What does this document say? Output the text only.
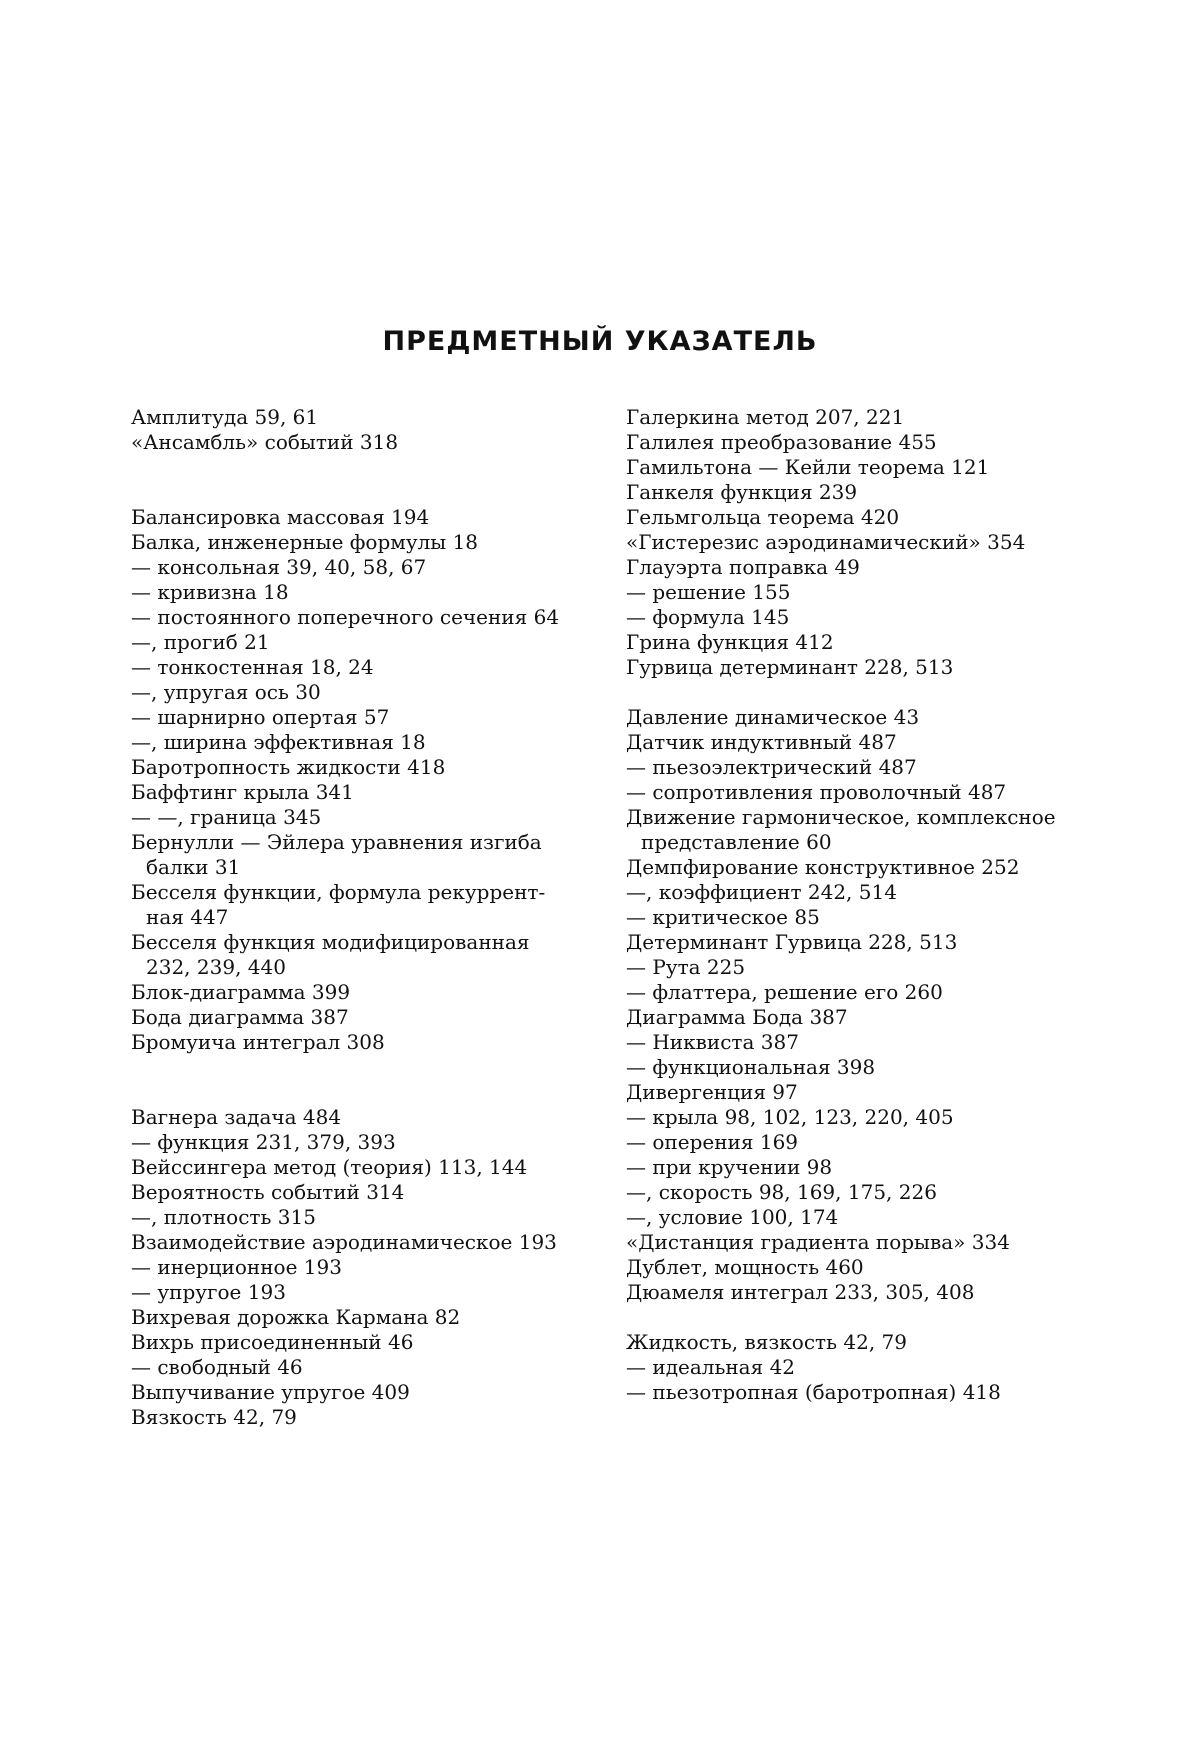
ПРЕДМЕТНЫЙ УКАЗАТЕЛЬ
Амплитуда 59, 61
«Ансамбль» событий 318
Балансировка массовая 194
Балка, инженерные формулы 18
— консольная 39, 40, 58, 67
— кривизна 18
— постоянного поперечного сечения 64
—, прогиб 21
— тонкостенная 18, 24
—, упругая ось 30
— шарнирно опертая 57
—, ширина эффективная 18
Баротропность жидкости 418
Баффтинг крыла 341
— —, граница 345
Бернулли — Эйлера уравнения изгиба
балки 31
Бесселя функции, формула рекуррент-
ная 447
Бесселя функция модифицированная
232, 239, 440
Блок-диаграмма 399
Бода диаграмма 387
Бромуича интеграл 308
Вагнера задача 484
— функция 231, 379, 393
Вейссингера метод (теория) 113, 144
Вероятность событий 314
—, плотность 315
Взаимодействие аэродинамическое 193
— инерционное 193
— упругое 193
Вихревая дорожка Кармана 82
Вихрь присоединенный 46
— свободный 46
Выпучивание упругое 409
Вязкость 42, 79
Галеркина метод 207, 221
Галилея преобразование 455
Гамильтона — Кейли теорема 121
Ганкеля функция 239
Гельмгольца теорема 420
«Гистерезис аэродинамический» 354
Глауэрта поправка 49
— решение 155
— формула 145
Грина функция 412
Гурвица детерминант 228, 513
Давление динамическое 43
Датчик индуктивный 487
— пьезоэлектрический 487
— сопротивления проволочный 487
Движение гармоническое, комплексное
представление 60
Демпфирование конструктивное 252
—, коэффициент 242, 514
— критическое 85
Детерминант Гурвица 228, 513
— Рута 225
— флаттера, решение его 260
Диаграмма Бода 387
— Никвиста 387
— функциональная 398
Дивергенция 97
— крыла 98, 102, 123, 220, 405
— оперения 169
— при кручении 98
—, скорость 98, 169, 175, 226
—, условие 100, 174
«Дистанция градиента порыва» 334
Дублет, мощность 460
Дюамеля интеграл 233, 305, 408
Жидкость, вязкость 42, 79
— идеальная 42
— пьезотропная (баротропная) 418
